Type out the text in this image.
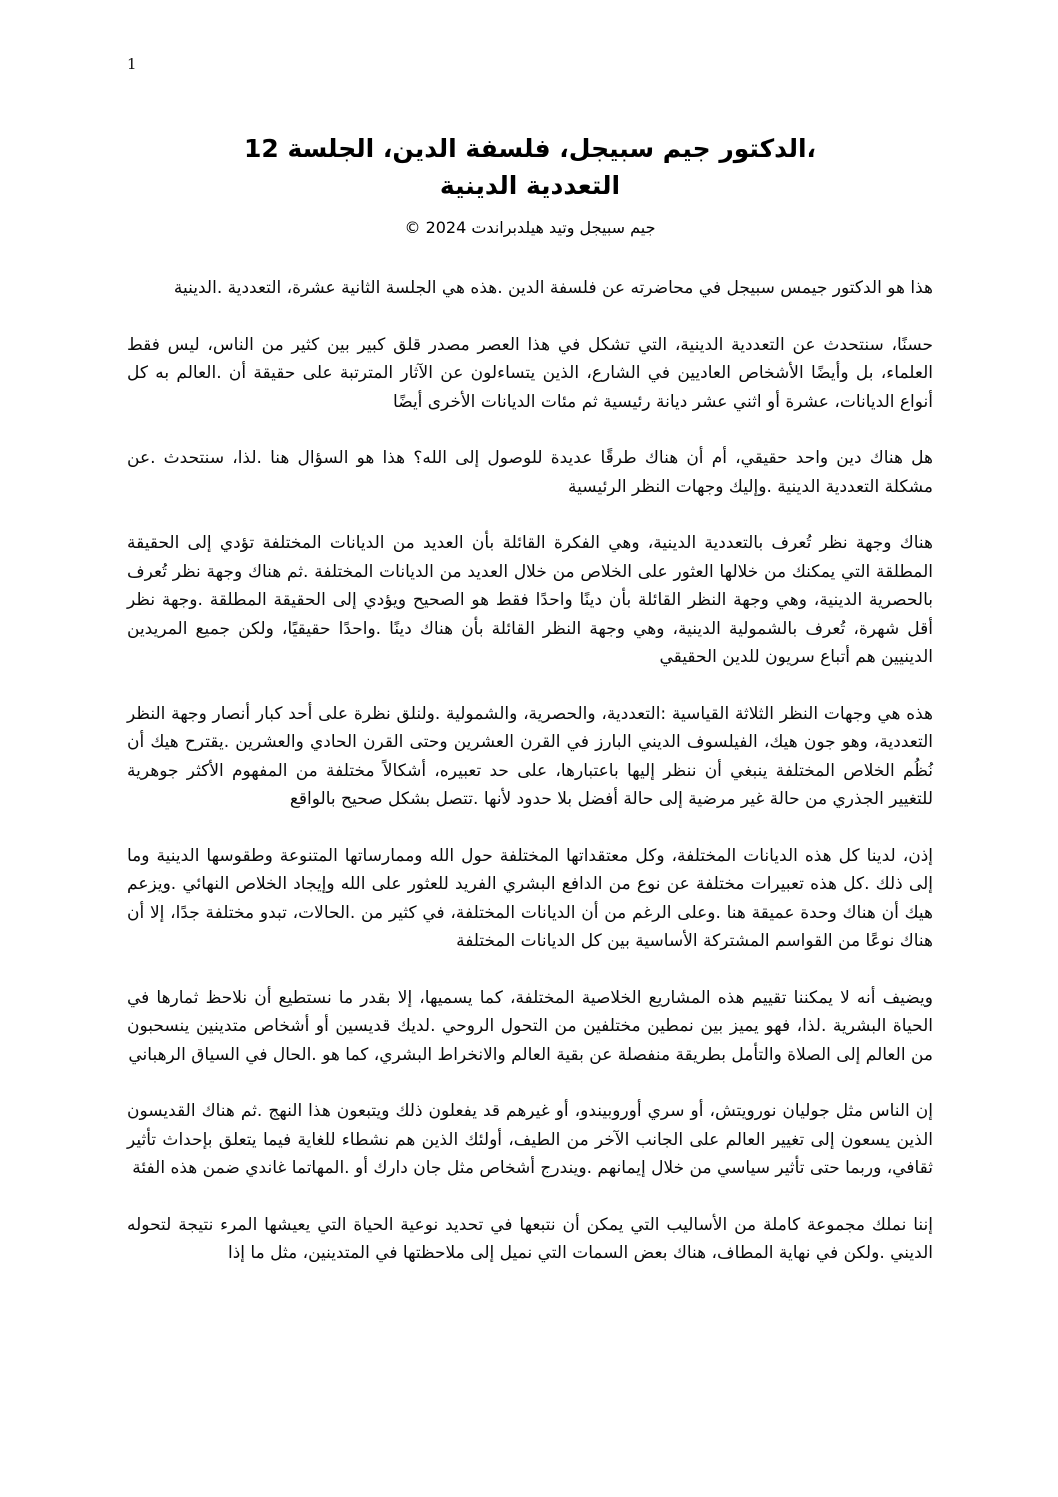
1
،الدكتور جيم سبيجل، فلسفة الدين، الجلسة 12
التعددية الدينية
جيم سبيجل وتيد هيلدبراندت 2024 ©

هذا هو الدكتور جيمس سبيجل في محاضرته عن فلسفة الدين .هذه هي الجلسة الثانية عشرة، التعددية .الدينية

حسنًا، سنتحدث عن التعددية الدينية، التي تشكل في هذا العصر مصدر قلق كبير بين كثير من الناس، ليس فقط العلماء، بل وأيضًا الأشخاص العاديين في الشارع، الذين يتساءلون عن الآثار المترتبة على حقيقة أن .العالم به كل أنواع الديانات، عشرة أو اثني عشر ديانة رئيسية ثم مئات الديانات الأخرى أيضًا

هل هناك دين واحد حقيقي، أم أن هناك طرقًا عديدة للوصول إلى الله؟ هذا هو السؤال هنا .لذا، سنتحدث .عن مشكلة التعددية الدينية .وإليك وجهات النظر الرئيسية

هناك وجهة نظر تُعرف بالتعددية الدينية، وهي الفكرة القائلة بأن العديد من الديانات المختلفة تؤدي إلى الحقيقة المطلقة التي يمكنك من خلالها العثور على الخلاص من خلال العديد من الديانات المختلفة .ثم هناك وجهة نظر تُعرف بالحصرية الدينية، وهي وجهة النظر القائلة بأن دينًا واحدًا فقط هو الصحيح ويؤدي إلى الحقيقة المطلقة .وجهة نظر أقل شهرة، تُعرف بالشمولية الدينية، وهي وجهة النظر القائلة بأن هناك دينًا .واحدًا حقيقيًا، ولكن جميع المريدين الدينيين هم أتباع سريون للدين الحقيقي

هذه هي وجهات النظر الثلاثة القياسية :التعددية، والحصرية، والشمولية .ولنلق نظرة على أحد كبار أنصار وجهة النظر التعددية، وهو جون هيك، الفيلسوف الديني البارز في القرن العشرين وحتى القرن الحادي والعشرين .يقترح هيك أن نُظُم الخلاص المختلفة ينبغي أن ننظر إليها باعتبارها، على حد تعبيره، أشكالاً مختلفة من المفهوم الأكثر جوهرية للتغيير الجذري من حالة غير مرضية إلى حالة أفضل بلا حدود لأنها .تتصل بشكل صحيح بالواقع

إذن، لدينا كل هذه الديانات المختلفة، وكل معتقداتها المختلفة حول الله وممارساتها المتنوعة وطقوسها الدينية وما إلى ذلك .كل هذه تعبيرات مختلفة عن نوع من الدافع البشري الفريد للعثور على الله وإيجاد الخلاص النهائي .ويزعم هيك أن هناك وحدة عميقة هنا .وعلى الرغم من أن الديانات المختلفة، في كثير من .الحالات، تبدو مختلفة جدًا، إلا أن هناك نوعًا من القواسم المشتركة الأساسية بين كل الديانات المختلفة

ويضيف أنه لا يمكننا تقييم هذه المشاريع الخلاصية المختلفة، كما يسميها، إلا بقدر ما نستطيع أن نلاحظ ثمارها في الحياة البشرية .لذا، فهو يميز بين نمطين مختلفين من التحول الروحي .لديك قديسين أو أشخاص متدينين ينسحبون من العالم إلى الصلاة والتأمل بطريقة منفصلة عن بقية العالم والانخراط البشري، كما هو .الحال في السياق الرهباني

إن الناس مثل جوليان نورويتش، أو سري أوروبيندو، أو غيرهم قد يفعلون ذلك ويتبعون هذا النهج .ثم هناك القديسون الذين يسعون إلى تغيير العالم على الجانب الآخر من الطيف، أولئك الذين هم نشطاء للغاية فيما يتعلق بإحداث تأثير ثقافي، وربما حتى تأثير سياسي من خلال إيمانهم .ويندرج أشخاص مثل جان دارك أو .المهاتما غاندي ضمن هذه الفئة

إننا نملك مجموعة كاملة من الأساليب التي يمكن أن نتبعها في تحديد نوعية الحياة التي يعيشها المرء نتيجة لتحوله الديني .ولكن في نهاية المطاف، هناك بعض السمات التي نميل إلى ملاحظتها في المتدينين، مثل ما إذا
